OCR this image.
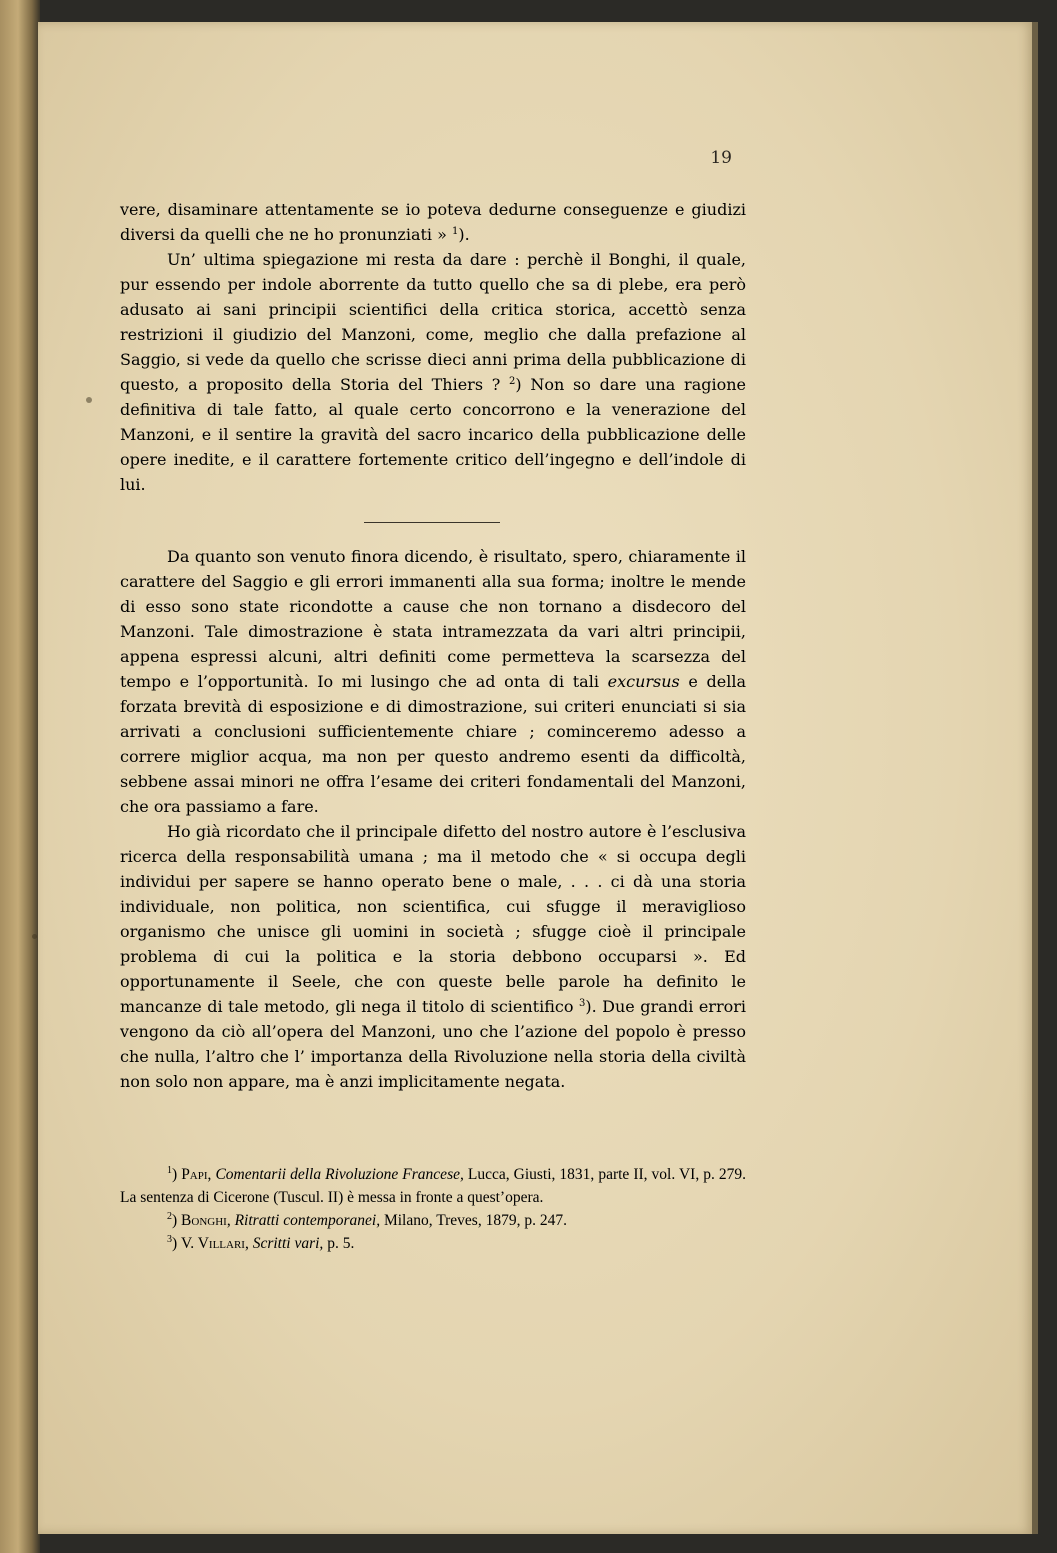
19

vere, disaminare attentamente se io poteva dedurne conseguenze e giudizi diversi da quelli che ne ho pronunziati » $^1$).

Un’ ultima spiegazione mi resta da dare : perchè il Bonghi, il quale, pur essendo per indole aborrente da tutto quello che sa di plebe, era però adusato ai sani principii scientifici della critica storica, accettò senza restrizioni il giudizio del Manzoni, come, meglio che dalla prefazione al Saggio, si vede da quello che scrisse dieci anni prima della pubblicazione di questo, a proposito della Storia del Thiers ? $^2$) Non so dare una ragione definitiva di tale fatto, al quale certo concorrono e la venerazione del Manzoni, e il sentire la gravità del sacro incarico della pubblicazione delle opere inedite, e il carattere fortemente critico dell’ingegno e dell’indole di lui.

Da quanto son venuto finora dicendo, è risultato, spero, chiaramente il carattere del Saggio e gli errori immanenti alla sua forma; inoltre le mende di esso sono state ricondotte a cause che non tornano a disdecoro del Manzoni. Tale dimostrazione è stata intramezzata da vari altri principii, appena espressi alcuni, altri definiti come permetteva la scarsezza del tempo e l’opportunità. Io mi lusingo che ad onta di tali excursus e della forzata brevità di esposizione e di dimostrazione, sui criteri enunciati si sia arrivati a conclusioni sufficientemente chiare ; cominceremo adesso a correre miglior acqua, ma non per questo andremo esenti da difficoltà, sebbene assai minori ne offra l’esame dei criteri fondamentali del Manzoni, che ora passiamo a fare.

Ho già ricordato che il principale difetto del nostro autore è l’esclusiva ricerca della responsabilità umana ; ma il metodo che « si occupa degli individui per sapere se hanno operato bene o male, . . . ci dà una storia individuale, non politica, non scientifica, cui sfugge il meraviglioso organismo che unisce gli uomini in società ; sfugge cioè il principale problema di cui la politica e la storia debbono occuparsi ». Ed opportunamente il Seele, che con queste belle parole ha definito le mancanze di tale metodo, gli nega il titolo di scientifico $^3$). Due grandi errori vengono da ciò all’opera del Manzoni, uno che l’azione del popolo è presso che nulla, l’altro che l’ importanza della Rivoluzione nella storia della civiltà non solo non appare, ma è anzi implicitamente negata.

$^1$) Papi, Comentarii della Rivoluzione Francese, Lucca, Giusti, 1831, parte II, vol. VI, p. 279. La sentenza di Cicerone (Tuscul. II) è messa in fronte a quest’opera.

$^2$) Bonghi, Ritratti contemporanei, Milano, Treves, 1879, p. 247.

$^3$) V. Villari, Scritti vari, p. 5.
